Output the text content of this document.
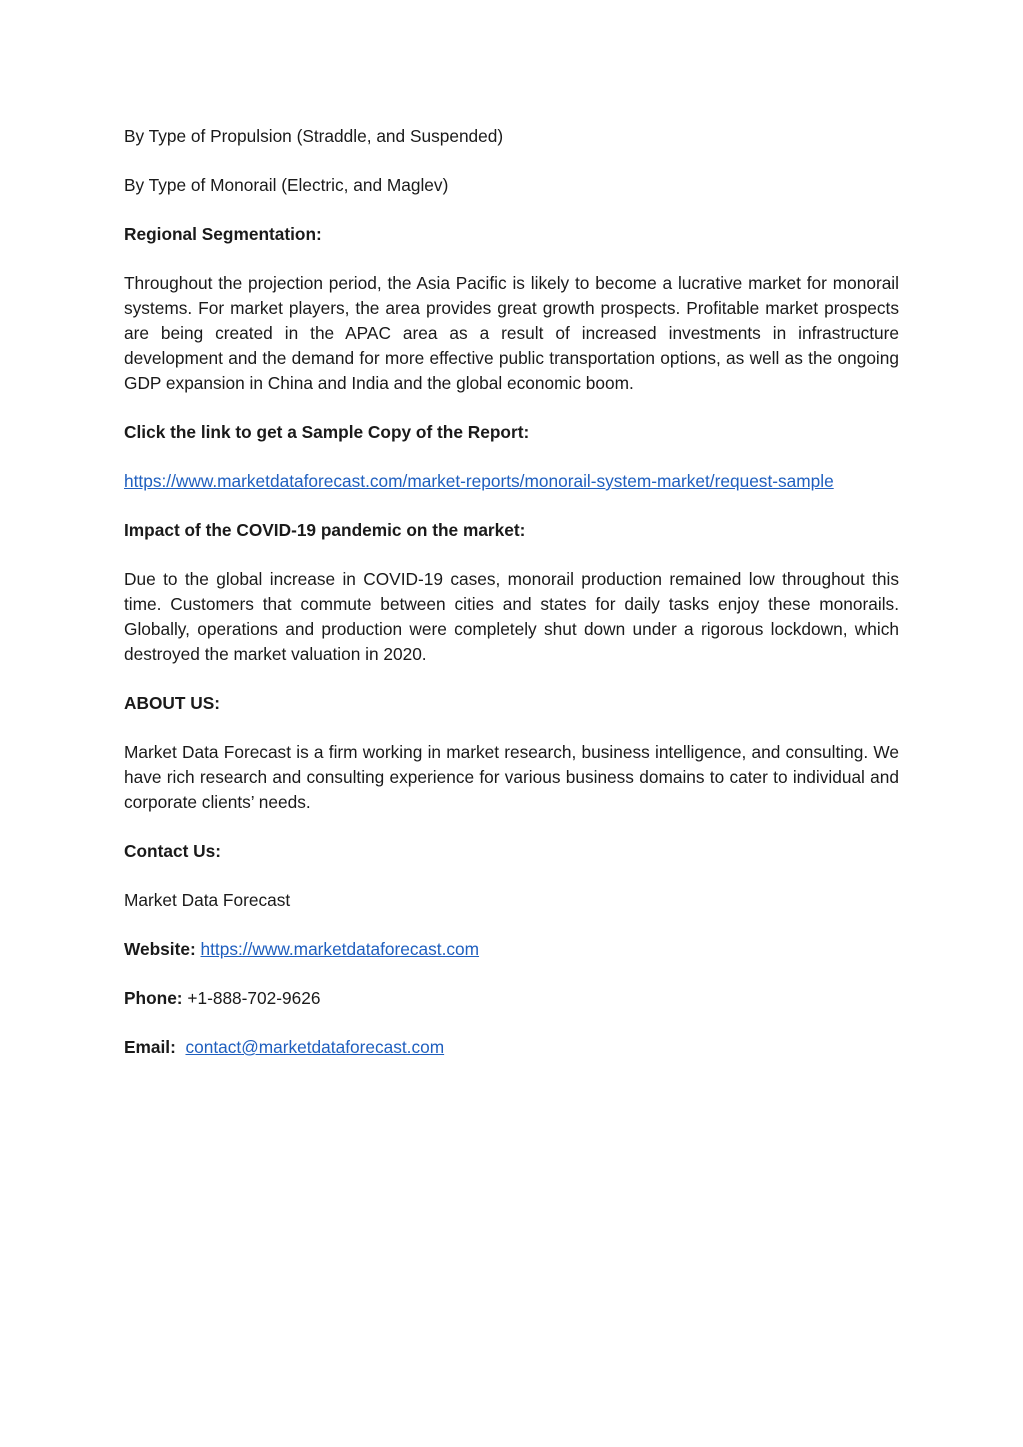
By Type of Propulsion (Straddle, and Suspended)

By Type of Monorail (Electric, and Maglev)

Regional Segmentation:

Throughout the projection period, the Asia Pacific is likely to become a lucrative market for monorail systems. For market players, the area provides great growth prospects. Profitable market prospects are being created in the APAC area as a result of increased investments in infrastructure development and the demand for more effective public transportation options, as well as the ongoing GDP expansion in China and India and the global economic boom.

Click the link to get a Sample Copy of the Report:

https://www.marketdataforecast.com/market-reports/monorail-system-market/request-sample

Impact of the COVID-19 pandemic on the market:

Due to the global increase in COVID-19 cases, monorail production remained low throughout this time. Customers that commute between cities and states for daily tasks enjoy these monorails. Globally, operations and production were completely shut down under a rigorous lockdown, which destroyed the market valuation in 2020.

ABOUT US:

Market Data Forecast is a firm working in market research, business intelligence, and consulting. We have rich research and consulting experience for various business domains to cater to individual and corporate clients’ needs.

Contact Us:

Market Data Forecast

Website: https://www.marketdataforecast.com

Phone: +1-888-702-9626

Email: contact@marketdataforecast.com
